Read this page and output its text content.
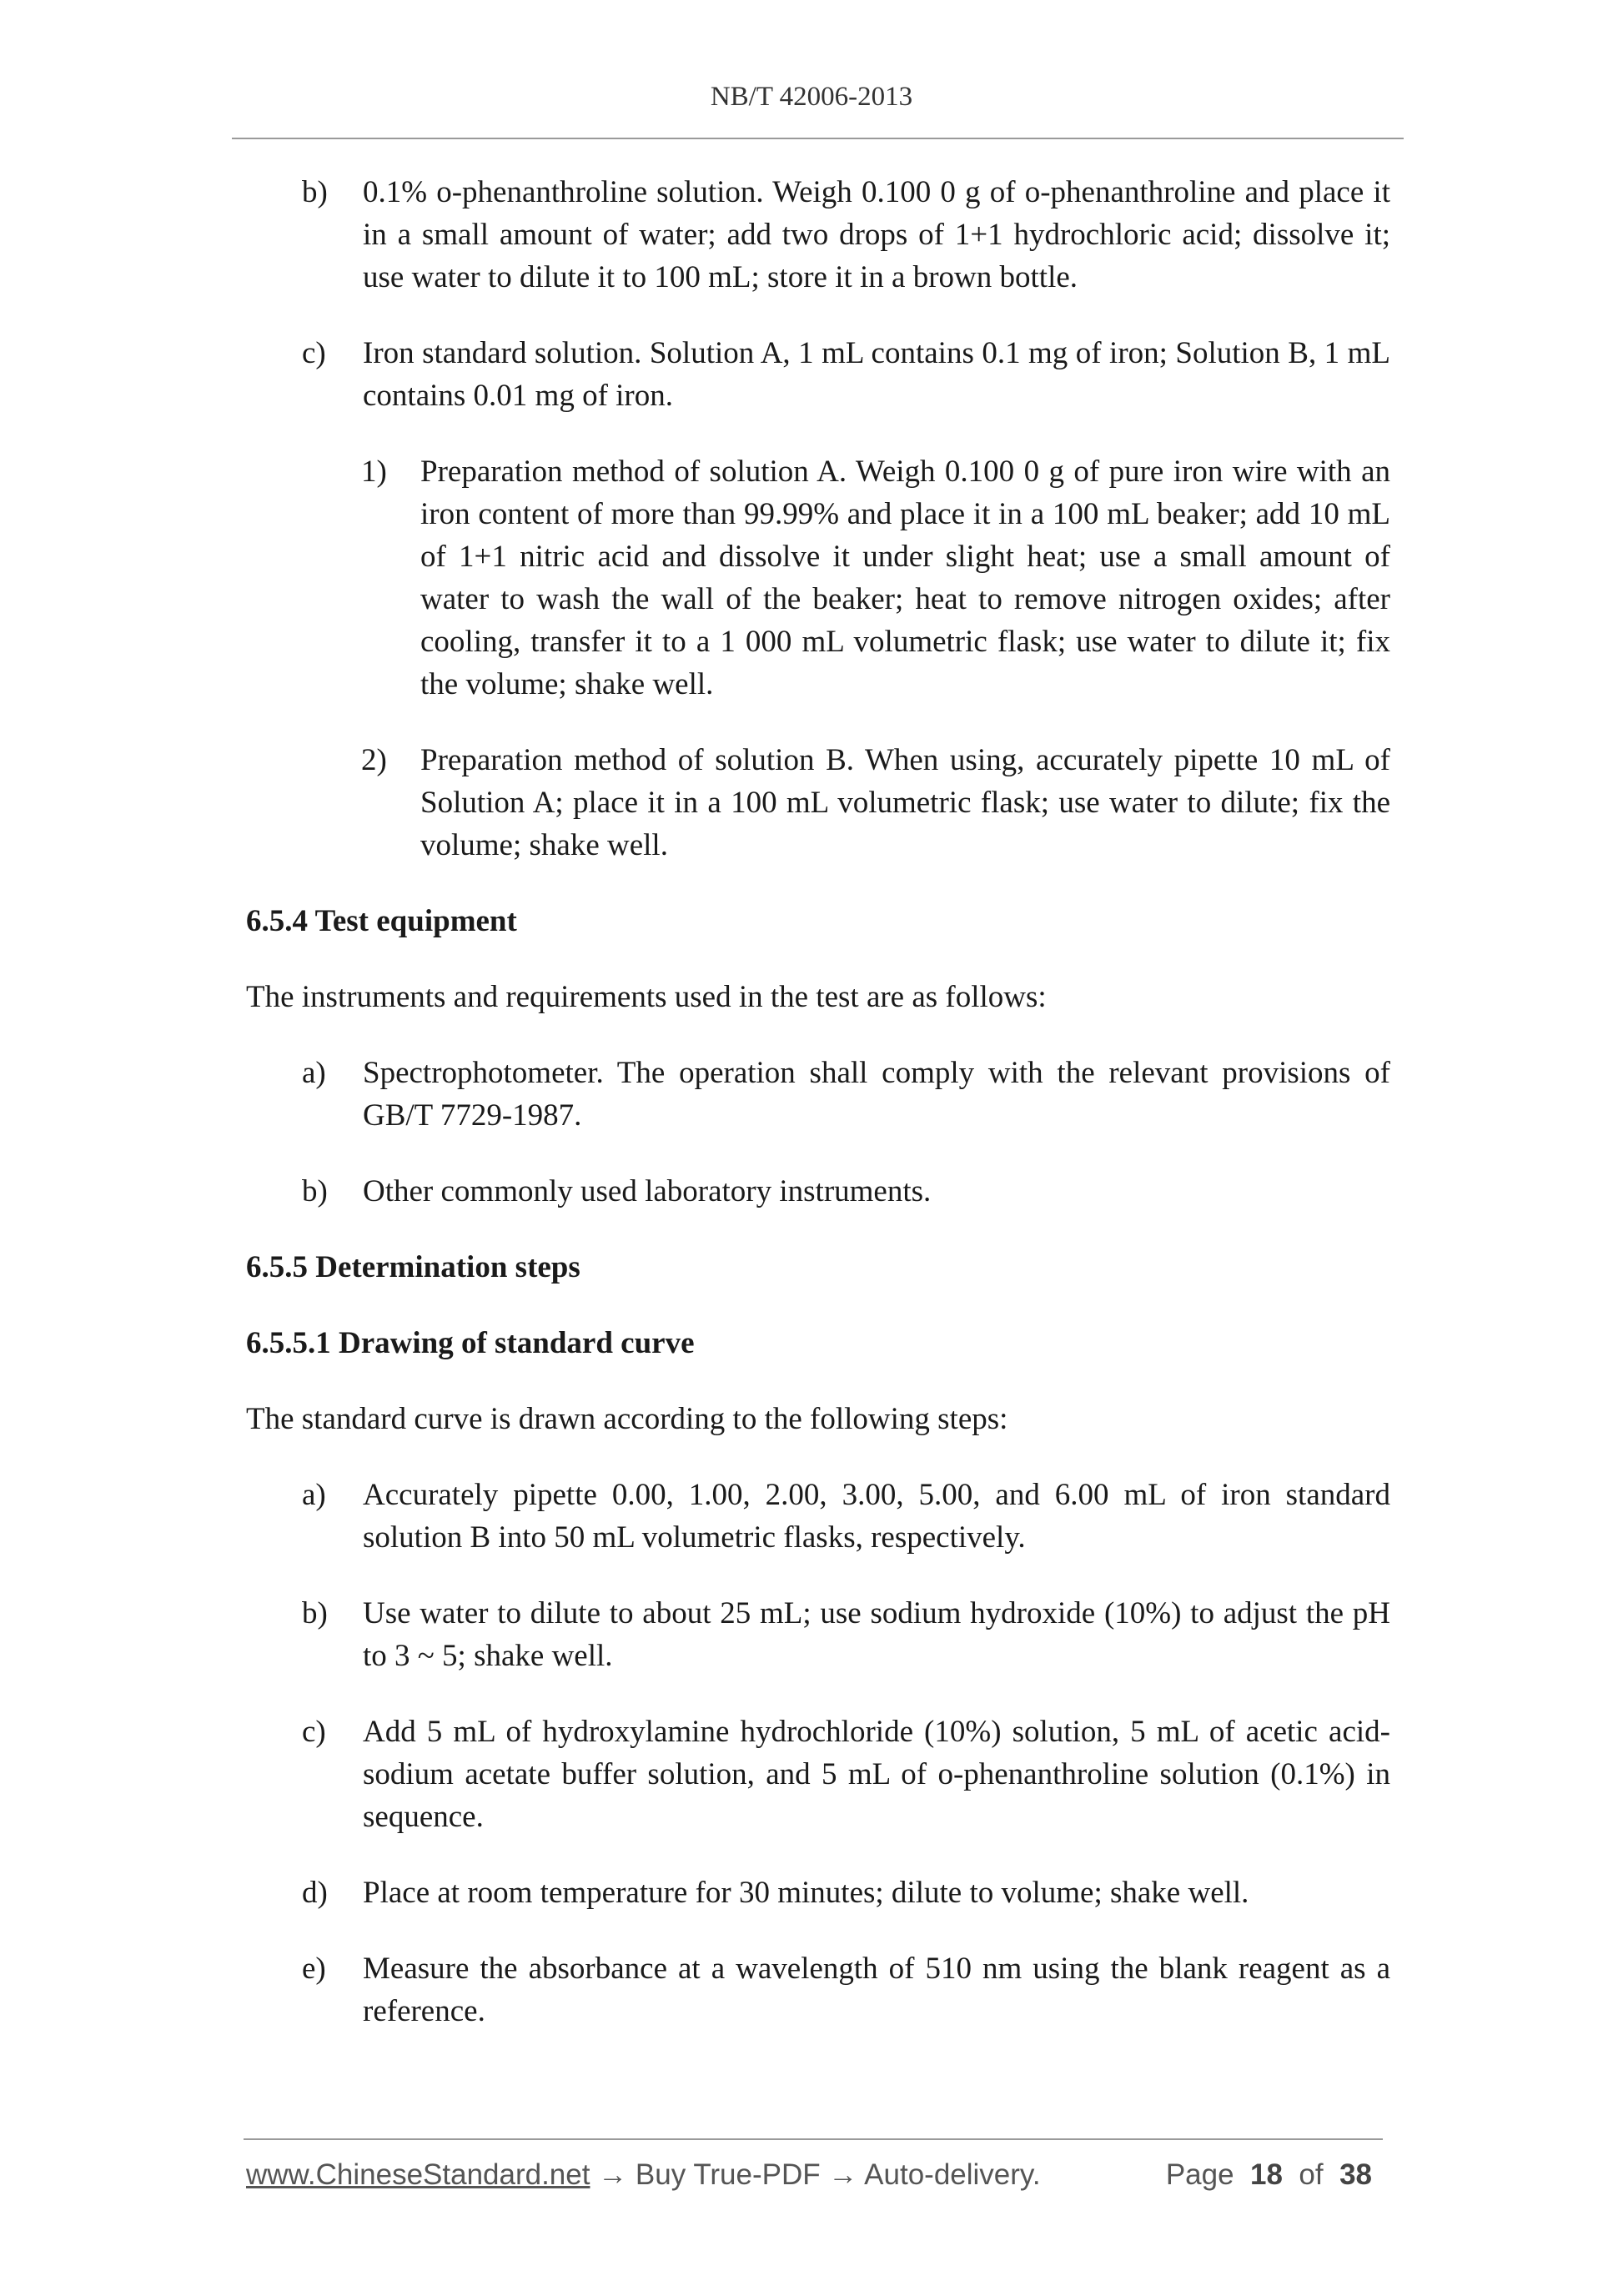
NB/T 42006-2013
b) 0.1% o-phenanthroline solution. Weigh 0.100 0 g of o-phenanthroline and place it in a small amount of water; add two drops of 1+1 hydrochloric acid; dissolve it; use water to dilute it to 100 mL; store it in a brown bottle.
c) Iron standard solution. Solution A, 1 mL contains 0.1 mg of iron; Solution B, 1 mL contains 0.01 mg of iron.
1) Preparation method of solution A. Weigh 0.100 0 g of pure iron wire with an iron content of more than 99.99% and place it in a 100 mL beaker; add 10 mL of 1+1 nitric acid and dissolve it under slight heat; use a small amount of water to wash the wall of the beaker; heat to remove nitrogen oxides; after cooling, transfer it to a 1 000 mL volumetric flask; use water to dilute it; fix the volume; shake well.
2) Preparation method of solution B. When using, accurately pipette 10 mL of Solution A; place it in a 100 mL volumetric flask; use water to dilute; fix the volume; shake well.
6.5.4 Test equipment
The instruments and requirements used in the test are as follows:
a) Spectrophotometer. The operation shall comply with the relevant provisions of GB/T 7729-1987.
b) Other commonly used laboratory instruments.
6.5.5 Determination steps
6.5.5.1 Drawing of standard curve
The standard curve is drawn according to the following steps:
a) Accurately pipette 0.00, 1.00, 2.00, 3.00, 5.00, and 6.00 mL of iron standard solution B into 50 mL volumetric flasks, respectively.
b) Use water to dilute to about 25 mL; use sodium hydroxide (10%) to adjust the pH to 3 ~ 5; shake well.
c) Add 5 mL of hydroxylamine hydrochloride (10%) solution, 5 mL of acetic acid-sodium acetate buffer solution, and 5 mL of o-phenanthroline solution (0.1%) in sequence.
d) Place at room temperature for 30 minutes; dilute to volume; shake well.
e) Measure the absorbance at a wavelength of 510 nm using the blank reagent as a reference.
www.ChineseStandard.net → Buy True-PDF → Auto-delivery.	Page 18 of 38
